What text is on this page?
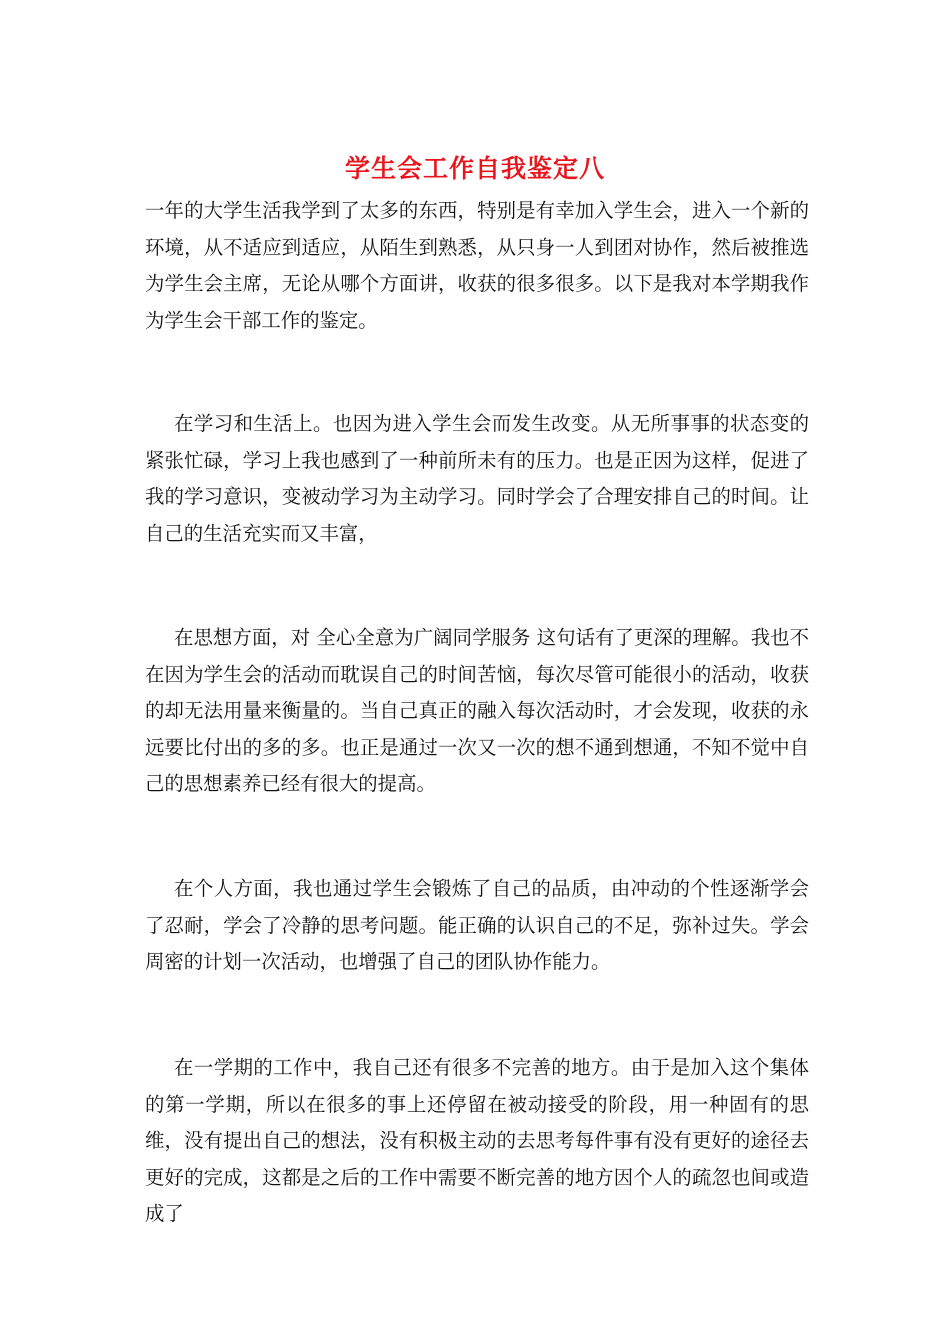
学生会工作自我鉴定八

一年的大学生活我学到了太多的东西，特别是有幸加入学生会，进入一个新的环境，从不适应到适应，从陌生到熟悉，从只身一人到团对协作，然后被推选为学生会主席，无论从哪个方面讲，收获的很多很多。以下是我对本学期我作为学生会干部工作的鉴定。

在学习和生活上。也因为进入学生会而发生改变。从无所事事的状态变的紧张忙碌，学习上我也感到了一种前所未有的压力。也是正因为这样，促进了我的学习意识，变被动学习为主动学习。同时学会了合理安排自己的时间。让自己的生活充实而又丰富，

在思想方面，对 全心全意为广阔同学服务 这句话有了更深的理解。我也不在因为学生会的活动而耽误自己的时间苦恼，每次尽管可能很小的活动，收获的却无法用量来衡量的。当自己真正的融入每次活动时，才会发现，收获的永远要比付出的多的多。也正是通过一次又一次的想不通到想通，不知不觉中自己的思想素养已经有很大的提高。

在个人方面，我也通过学生会锻炼了自己的品质，由冲动的个性逐渐学会了忍耐，学会了冷静的思考问题。能正确的认识自己的不足，弥补过失。学会周密的计划一次活动，也增强了自己的团队协作能力。

在一学期的工作中，我自己还有很多不完善的地方。由于是加入这个集体的第一学期，所以在很多的事上还停留在被动接受的阶段，用一种固有的思维，没有提出自己的想法，没有积极主动的去思考每件事有没有更好的途径去更好的完成，这都是之后的工作中需要不断完善的地方因个人的疏忽也间或造成了
